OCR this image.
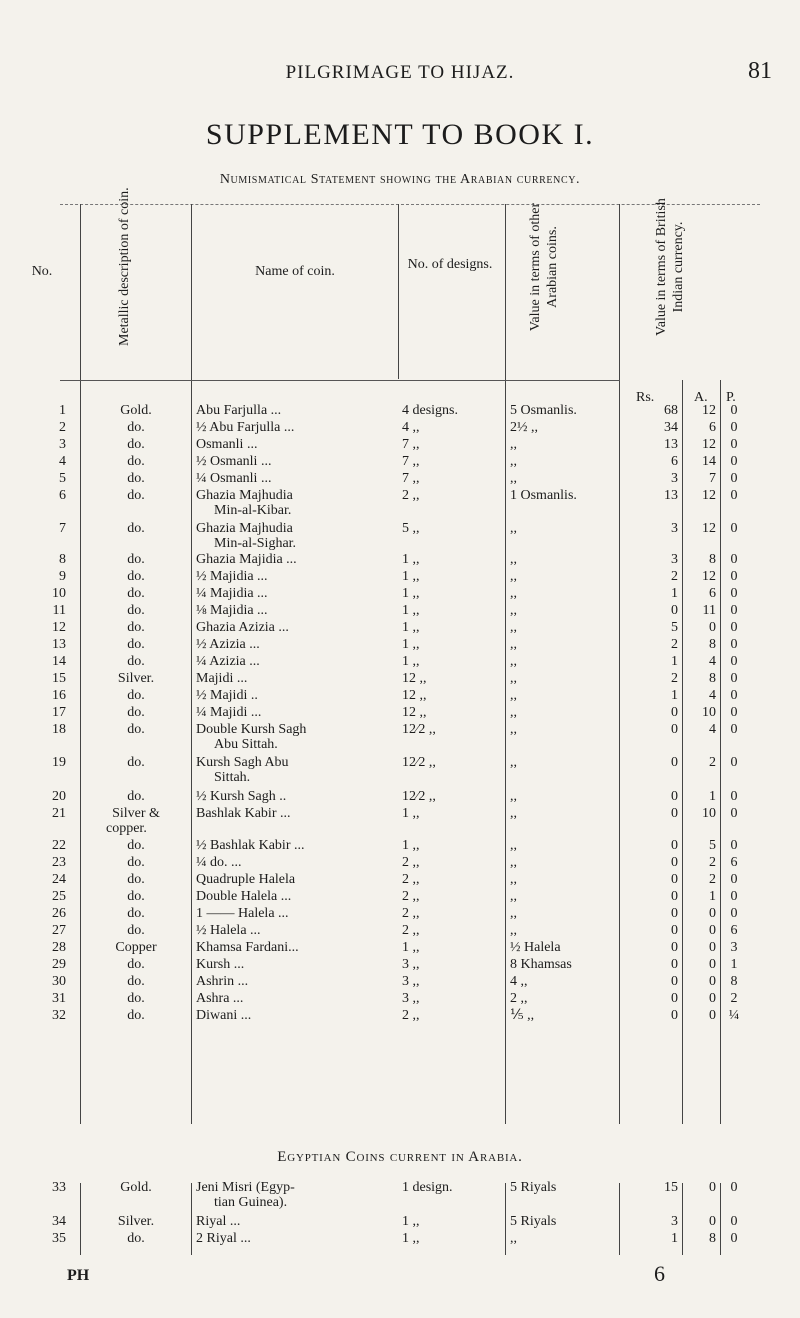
PILGRIMAGE TO HIJAZ.	81
SUPPLEMENT TO BOOK I.
Numismatical Statement showing the Arabian currency.
No.	Metallic description of coin.	Name of coin.	No. of designs.	Value in terms of other Arabian coins.	Value in terms of British Indian currency.
Rs.	A. P.
1	Gold.	Abu Farjulla ...	4 designs.	5 Osmanlis.	68	12	0
2	do.	½ Abu Farjulla ...	4 ,,	2½ ,,	34	6	0
3	do.	Osmanli ...	7 ,,	,,	13	12	0
4	do.	½ Osmanli ...	7 ,,	,,	6	14	0
5	do.	¼ Osmanli ...	7 ,,	,,	3	7	0
6	do.	Ghazia Majhudia	2 ,,	1 Osmanlis.	13	12	0
Min-al-Kibar.
7	do.	Ghazia Majhudia	5 ,,	,,	3	12	0
Min-al-Sighar.
8	do.	Ghazia Majidia ...	1 ,,	,,	3	8	0
9	do.	½ Majidia ...	1 ,,	,,	2	12	0
10	do.	¼ Majidia ...	1 ,,	,,	1	6	0
11	do.	⅛ Majidia ...	1 ,,	,,	0	11	0
12	do.	Ghazia Azizia ...	1 ,,	,,	5	0	0
13	do.	½ Azizia ...	1 ,,	,,	2	8	0
14	do.	¼ Azizia ...	1 ,,	,,	1	4	0
15	Silver.	Majidi ...	12 ,,	,,	2	8	0
16	do.	½ Majidi ..	12 ,,	,,	1	4	0
17	do.	¼ Majidi ...	12 ,,	,,	0	10	0
18	do.	Double Kursh Sagh	12⁄2 ,,	,,	0	4	0
Abu Sittah.
19	do.	Kursh Sagh Abu	12⁄2 ,,	,,	0	2	0
Sittah.
20	do.	½ Kursh Sagh ..	12⁄2 ,,	,,	0	1	0
21	Silver &	Bashlak Kabir ...	1 ,,	,,	0	10	0
copper.
22	do.	½ Bashlak Kabir ...	1 ,,	,,	0	5	0
23	do.	¼ do. ...	2 ,,	,,	0	2	6
24	do.	Quadruple Halela	2 ,,	,,	0	2	0
25	do.	Double Halela ...	2 ,,	,,	0	1	0
26	do.	1 —— Halela ...	2 ,,	,,	0	0	0
27	do.	½ Halela ...	2 ,,	,,	0	0	6
28	Copper	Khamsa Fardani...	1 ,,	½ Halela	0	0	3
29	do.	Kursh ...	3 ,,	8 Khamsas	0	0	1
30	do.	Ashrin ...	3 ,,	4 ,,	0	0	8
31	do.	Ashra ...	3 ,,	2 ,,	0	0	2
32	do.	Diwani ...	2 ,,	⅕ ,,	0	0 ¼
Egyptian Coins current in Arabia.
33	Gold.	Jeni Misri (Egyp-	1 design.	5 Riyals	15	0	0
tian Guinea).
34	Silver.	Riyal ...	1 ,,	5 Riyals	3	0	0
35	do.	2 Riyal ...	1 ,,	,,	1	8	0
PH	6
